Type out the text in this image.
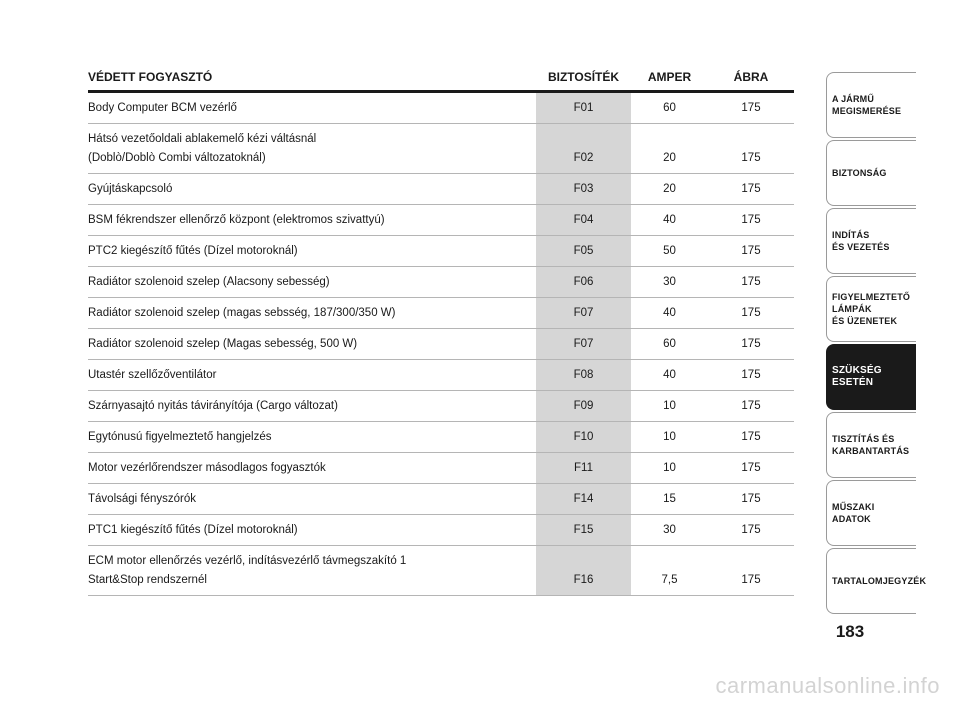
VÉDETT FOGYASZTÓ	BIZTOSÍTÉK	AMPER	ÁBRA

Body Computer BCM vezérlő	F01	60	175

Hátsó vezetőoldali ablakemelő kézi váltásnál
(Doblò/Doblò Combi változatoknál)	F02	20	175

Gyújtáskapcsoló	F03	20	175

BSM fékrendszer ellenőrző központ (elektromos szivattyú)	F04	40	175

PTC2 kiegészítő fűtés (Dízel motoroknál)	F05	50	175

Radiátor szolenoid szelep (Alacsony sebesség)	F06	30	175

Radiátor szolenoid szelep (magas sebsség, 187/300/350 W)	F07	40	175

Radiátor szolenoid szelep (Magas sebesség, 500 W)	F07	60	175

Utastér szellőzőventilátor	F08	40	175

Szárnyasajtó nyitás távirányítója (Cargo változat)	F09	10	175

Egytónusú figyelmeztető hangjelzés	F10	10	175

Motor vezérlőrendszer másodlagos fogyasztók	F11	10	175

Távolsági fényszórók	F14	15	175

PTC1 kiegészítő fűtés (Dízel motoroknál)	F15	30	175

ECM motor ellenőrzés vezérlő, indításvezérlő távmegszakító 1
Start&Stop rendszernél	F16	7,5	175
A JÁRMŰ
MEGISMERÉSE
BIZTONSÁG
INDÍTÁS
ÉS VEZETÉS
FIGYELMEZTETŐ
LÁMPÁK
ÉS ÜZENETEK
SZÜKSÉG
ESETÉN
TISZTÍTÁS ÉS
KARBANTARTÁS
MŰSZAKI
ADATOK
TARTALOMJEGYZÉK
183
carmanualsonline.info
